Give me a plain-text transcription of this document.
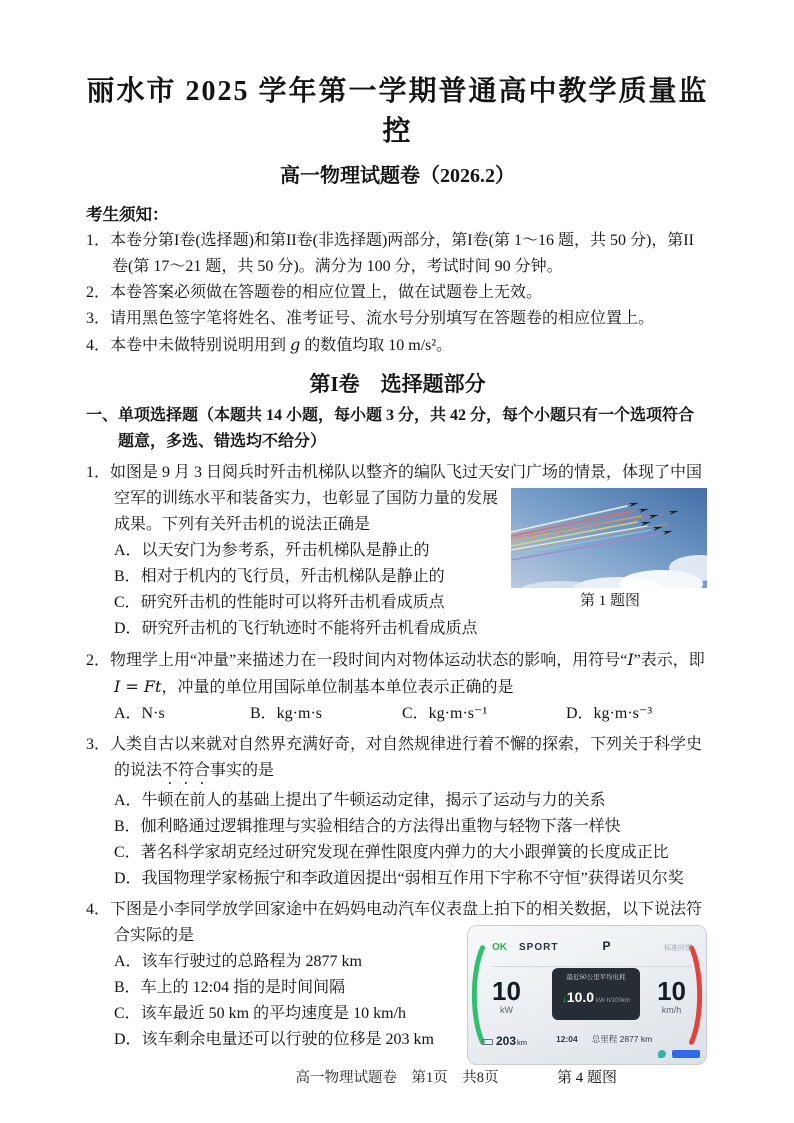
丽水市 2025 学年第一学期普通高中教学质量监控
高一物理试题卷（2026.2）
考生须知：
1．本卷分第I卷(选择题)和第II卷(非选择题)两部分，第I卷(第 1～16 题，共 50 分)，第II卷(第 17～21 题，共 50 分)。满分为 100 分，考试时间 90 分钟。
2．本卷答案必须做在答题卷的相应位置上，做在试题卷上无效。
3．请用黑色签字笔将姓名、准考证号、流水号分别填写在答题卷的相应位置上。
4．本卷中未做特别说明用到 g 的数值均取 10 m/s²。
第I卷　选择题部分
一、单项选择题（本题共 14 小题，每小题 3 分，共 42 分，每个小题只有一个选项符合题意，多选、错选均不给分）
1．如图是 9 月 3 日阅兵时歼击机梯队以整齐的编队飞过天安门广场的情景，体现了中国
第 1 题图
空军的训练水平和装备实力，也彰显了国防力量的发展成果。下列有关歼击机的说法正确是
A．以天安门为参考系，歼击机梯队是静止的
B．相对于机内的飞行员，歼击机梯队是静止的
C．研究歼击机的性能时可以将歼击机看成质点
D．研究歼击机的飞行轨迹时不能将歼击机看成质点
2．物理学上用“冲量”来描述力在一段时间内对物体运动状态的影响，用符号“I”表示，即I = Ft，冲量的单位用国际单位制基本单位表示正确的是
A．N·s	B．kg·m·s	C．kg·m·s⁻¹	D．kg·m·s⁻³
3．人类自古以来就对自然界充满好奇，对自然规律进行着不懈的探索，下列关于科学史的说法不符合事实的是
A．牛顿在前人的基础上提出了牛顿运动定律，揭示了运动与力的关系
B．伽利略通过逻辑推理与实验相结合的方法得出重物与轻物下落一样快
C．著名科学家胡克经过研究发现在弹性限度内弹力的大小跟弹簧的长度成正比
D．我国物理学家杨振宁和李政道因提出“弱相互作用下宇称不守恒”获得诺贝尔奖
4．下图是小李同学放学回家途中在妈妈电动汽车仪表盘上拍下的相关数据，以下说法符
OK SPORT	P	标准回馈
10
kW
最近50公里平均电耗
↓10.0 kW·h/100km 10
km/h
12:04 总里程 2877 km
203 km
第 4 题图
合实际的是
A．该车行驶过的总路程为 2877 km
B．车上的 12:04 指的是时间间隔
C．该车最近 50 km 的平均速度是 10 km/h
D．该车剩余电量还可以行驶的位移是 203 km
高一物理试题卷　第1页　共8页
